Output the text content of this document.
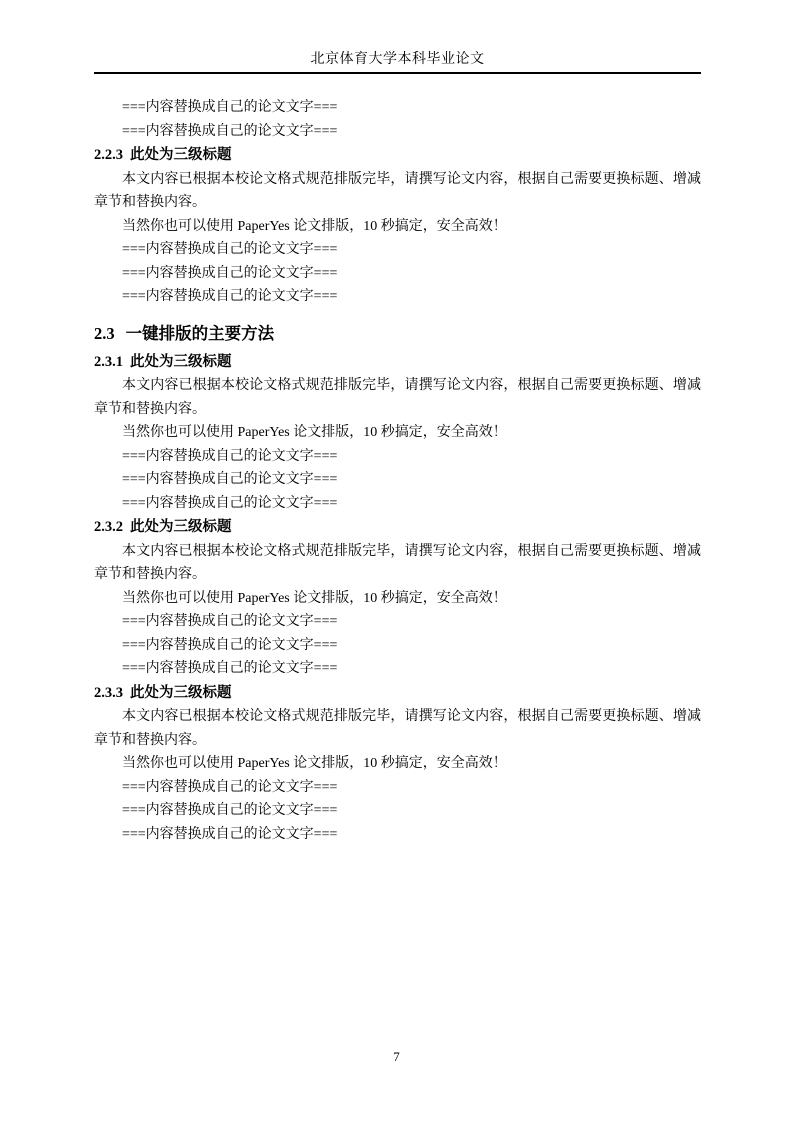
北京体育大学本科毕业论文

===内容替换成自己的论文文字===

===内容替换成自己的论文文字===

2.2.3 此处为三级标题

本文内容已根据本校论文格式规范排版完毕，请撰写论文内容，根据自己需要更换标题、增减章节和替换内容。

当然你也可以使用 PaperYes 论文排版，10 秒搞定，安全高效！

===内容替换成自己的论文文字===

===内容替换成自己的论文文字===

===内容替换成自己的论文文字===

2.3 一键排版的主要方法
2.3.1 此处为三级标题

本文内容已根据本校论文格式规范排版完毕，请撰写论文内容，根据自己需要更换标题、增减章节和替换内容。

当然你也可以使用 PaperYes 论文排版，10 秒搞定，安全高效！

===内容替换成自己的论文文字===

===内容替换成自己的论文文字===

===内容替换成自己的论文文字===

2.3.2 此处为三级标题

本文内容已根据本校论文格式规范排版完毕，请撰写论文内容，根据自己需要更换标题、增减章节和替换内容。

当然你也可以使用 PaperYes 论文排版，10 秒搞定，安全高效！

===内容替换成自己的论文文字===

===内容替换成自己的论文文字===

===内容替换成自己的论文文字===

2.3.3 此处为三级标题

本文内容已根据本校论文格式规范排版完毕，请撰写论文内容，根据自己需要更换标题、增减章节和替换内容。

当然你也可以使用 PaperYes 论文排版，10 秒搞定，安全高效！

===内容替换成自己的论文文字===

===内容替换成自己的论文文字===

===内容替换成自己的论文文字===

7
